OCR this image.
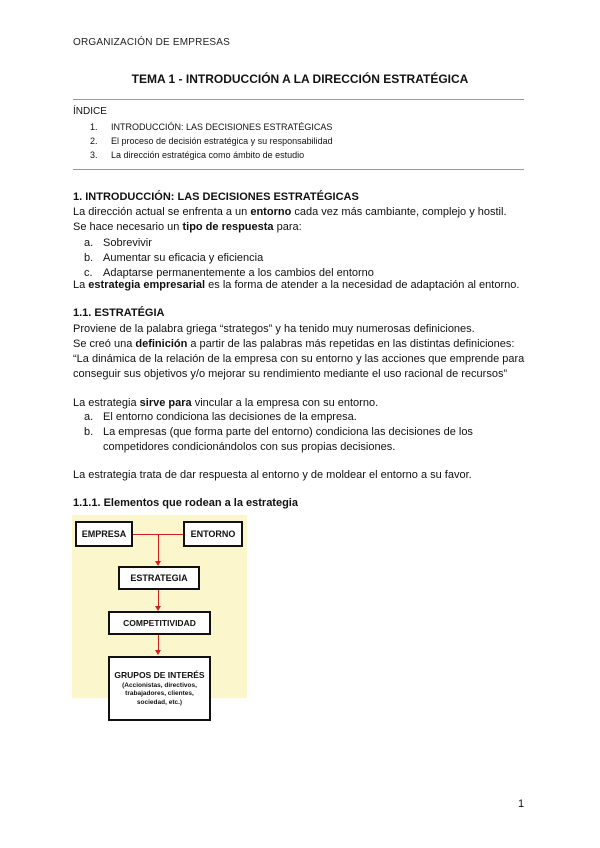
ORGANIZACIÓN DE EMPRESAS
TEMA 1 - INTRODUCCIÓN A LA DIRECCIÓN ESTRATÉGICA
ÍNDICE
1. INTRODUCCIÓN: LAS DECISIONES ESTRATÉGICAS
2. El proceso de decisión estratégica y su responsabilidad
3. La dirección estratégica como ámbito de estudio
1. INTRODUCCIÓN: LAS DECISIONES ESTRATÉGICAS
La dirección actual se enfrenta a un entorno cada vez más cambiante, complejo y hostil.
Se hace necesario un tipo de respuesta para:
a. Sobrevivir
b. Aumentar su eficacia y eficiencia
c. Adaptarse permanentemente a los cambios del entorno
La estrategia empresarial es la forma de atender a la necesidad de adaptación al entorno.
1.1. ESTRATÉGIA
Proviene de la palabra griega “strategos” y ha tenido muy numerosas definiciones.
Se creó una definición a partir de las palabras más repetidas en las distintas definiciones:
“La dinámica de la relación de la empresa con su entorno y las acciones que emprende para
conseguir sus objetivos y/o mejorar su rendimiento mediante el uso racional de recursos”
La estrategia sirve para vincular a la empresa con su entorno.
a. El entorno condiciona las decisiones de la empresa.
b. La empresas (que forma parte del entorno) condiciona las decisiones de los
competidores condicionándolos con sus propias decisiones.
La estrategia trata de dar respuesta al entorno y de moldear el entorno a su favor.
1.1.1. Elementos que rodean a la estrategia
EMPRESA	ENTORNO
ESTRATEGIA
COMPETITIVIDAD
GRUPOS DE INTERÉS
(Accionistas, directivos, trabajadores, clientes, sociedad, etc.)
1
